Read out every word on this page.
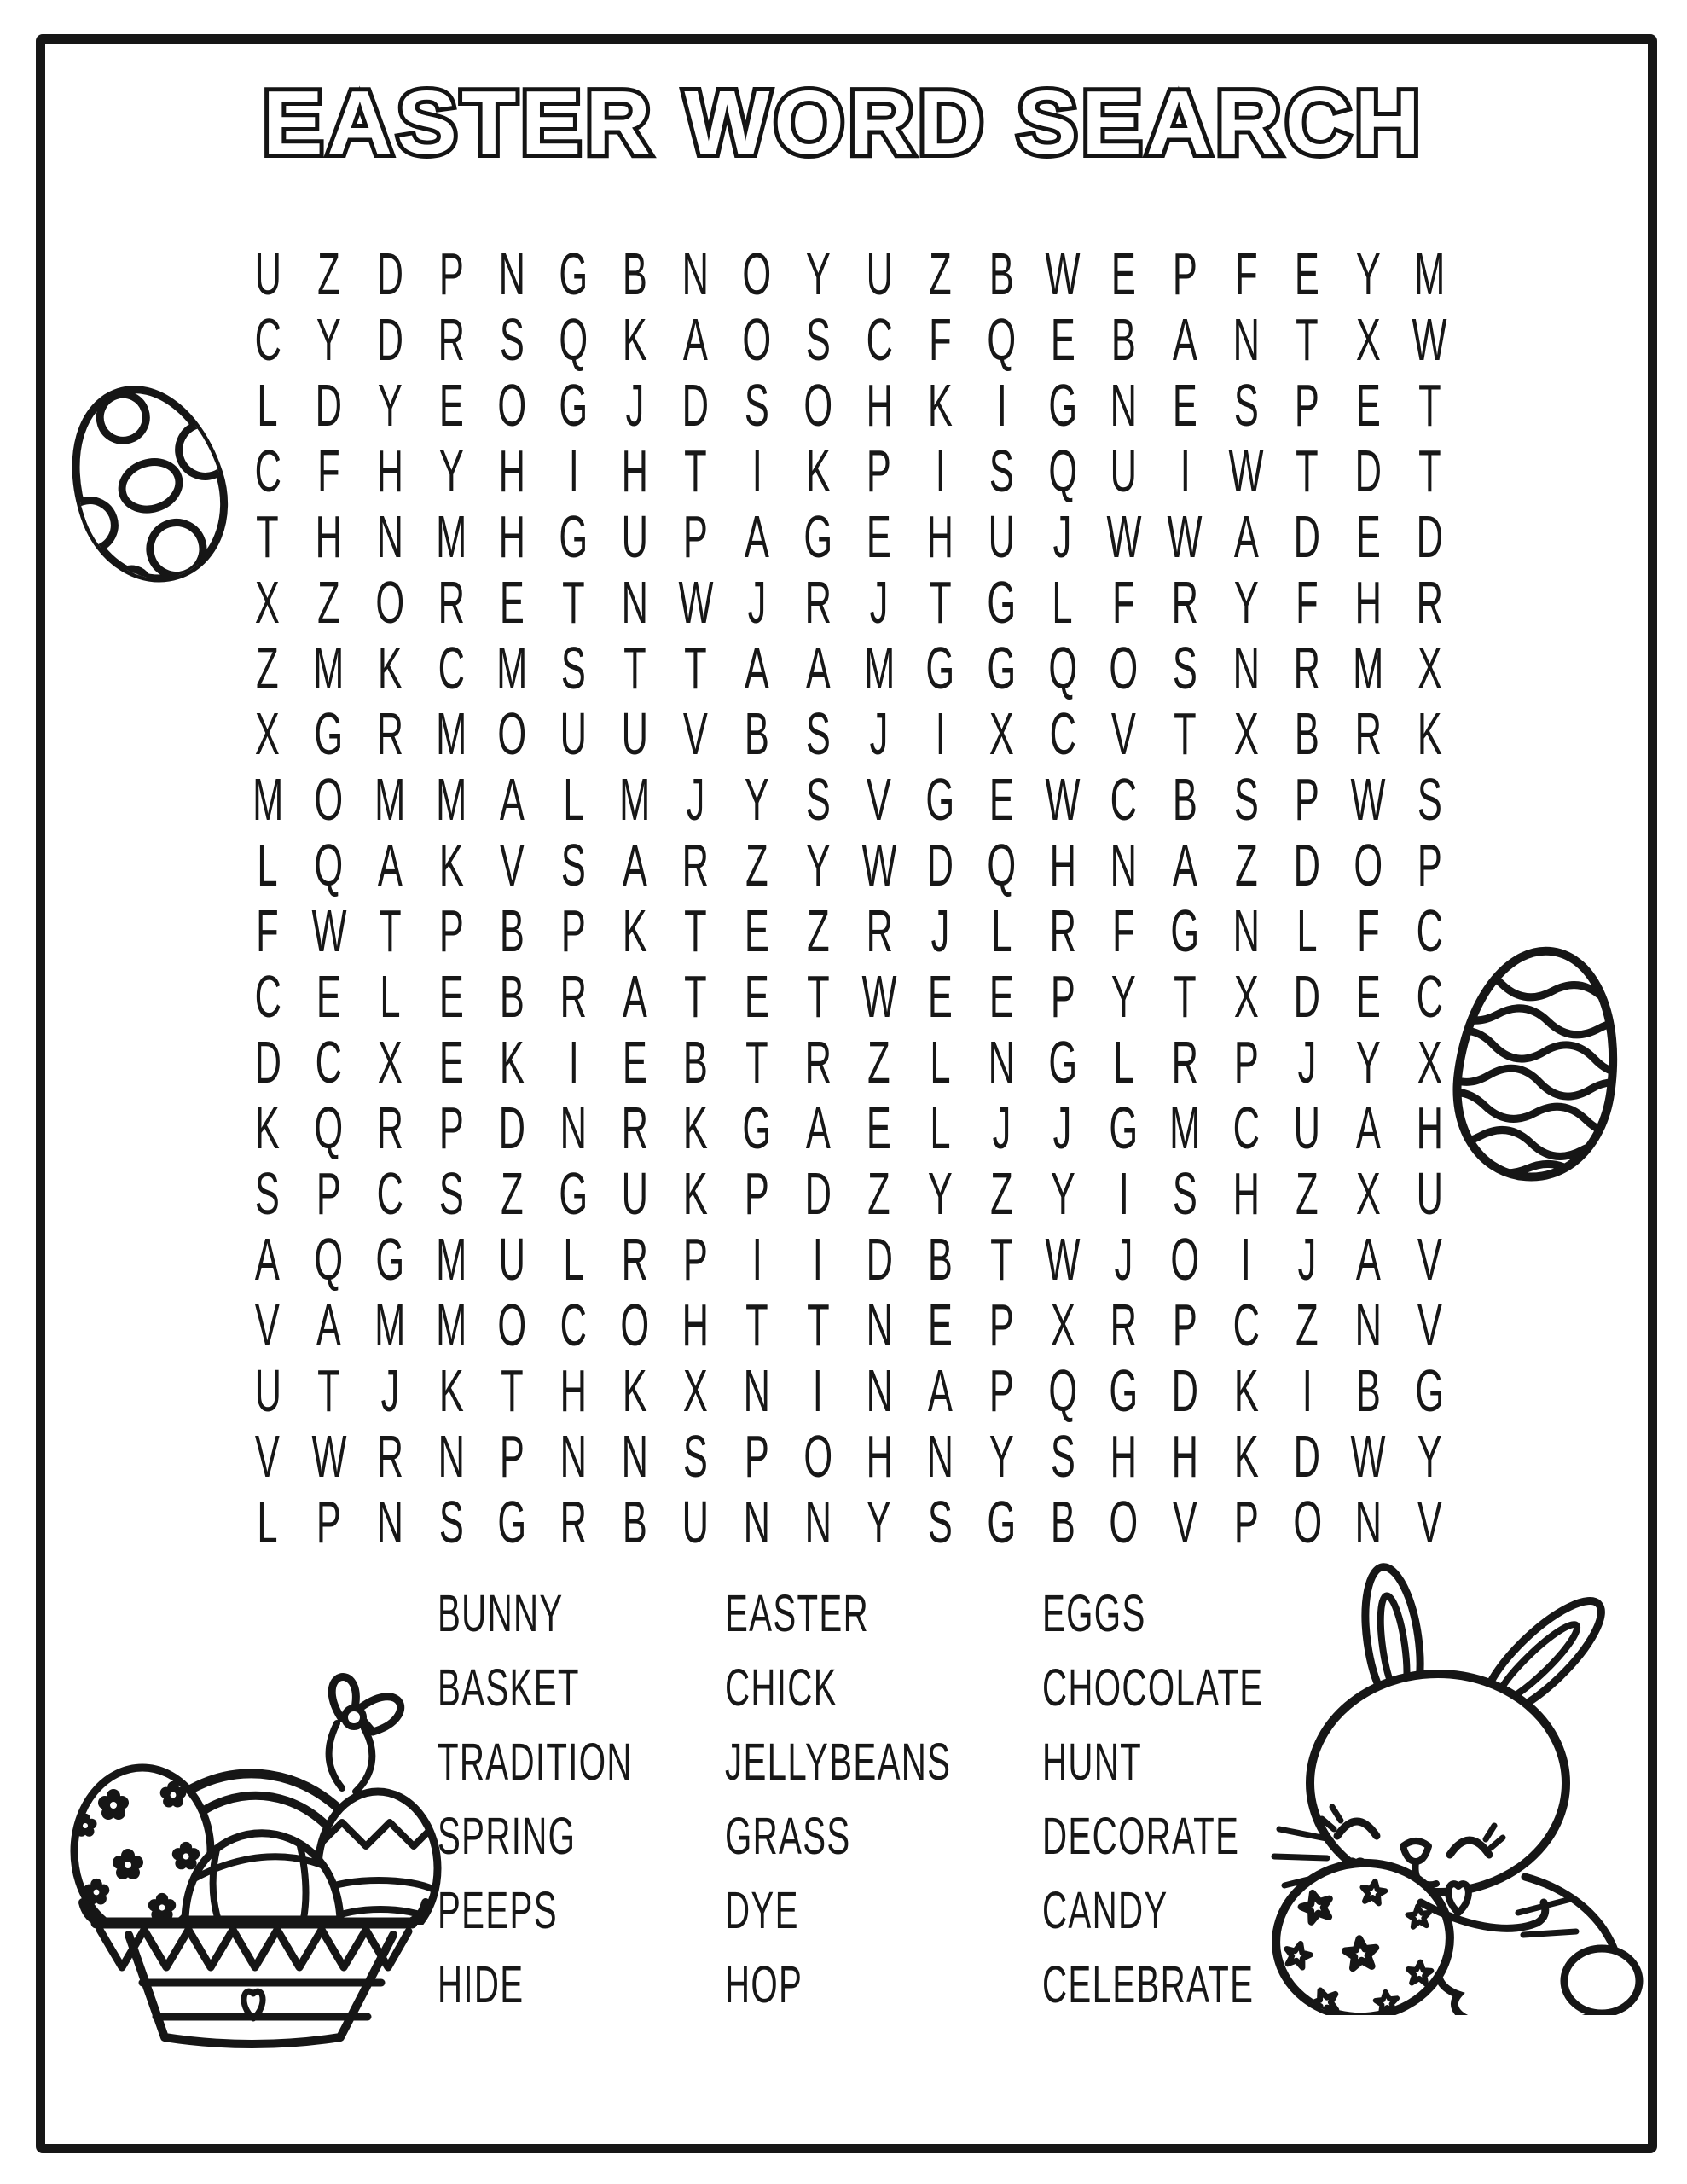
EASTER WORD SEARCH
U Z D P N G B N O Y U Z B W E P F E Y M
C Y D R S Q K A O S C F Q E B A N T X W
L D Y E O G J D S O H K I G N E S P E T
C F H Y H I H T I K P I S Q U I W T D T
T H N M H G U P A G E H U J W W A D E D
X Z O R E T N W J R J T G L F R Y F H R
Z M K C M S T T A A M G G Q O S N R M X
X G R M O U U V B S J I X C V T X B R K
M O M M A L M J Y S V G E W C B S P W S
L Q A K V S A R Z Y W D Q H N A Z D O P
F W T P B P K T E Z R J L R F G N L F C
C E L E B R A T E T W E E P Y T X D E C
D C X E K I E B T R Z L N G L R P J Y X
K Q R P D N R K G A E L J J G M C U A H
S P C S Z G U K P D Z Y Z Y I S H Z X U
A Q G M U L R P I I D B T W J O I J A V
V A M M O C O H T T N E P X R P C Z N V
U T J K T H K X N I N A P Q G D K I B G
V W R N P N N S P O H N Y S H H K D W Y
L P N S G R B U N N Y S G B O V P O N V
BUNNY
BASKET
TRADITION
SPRING
PEEPS
HIDE
EASTER
CHICK
JELLYBEANS
GRASS
DYE
HOP
EGGS
CHOCOLATE
HUNT
DECORATE
CANDY
CELEBRATE
